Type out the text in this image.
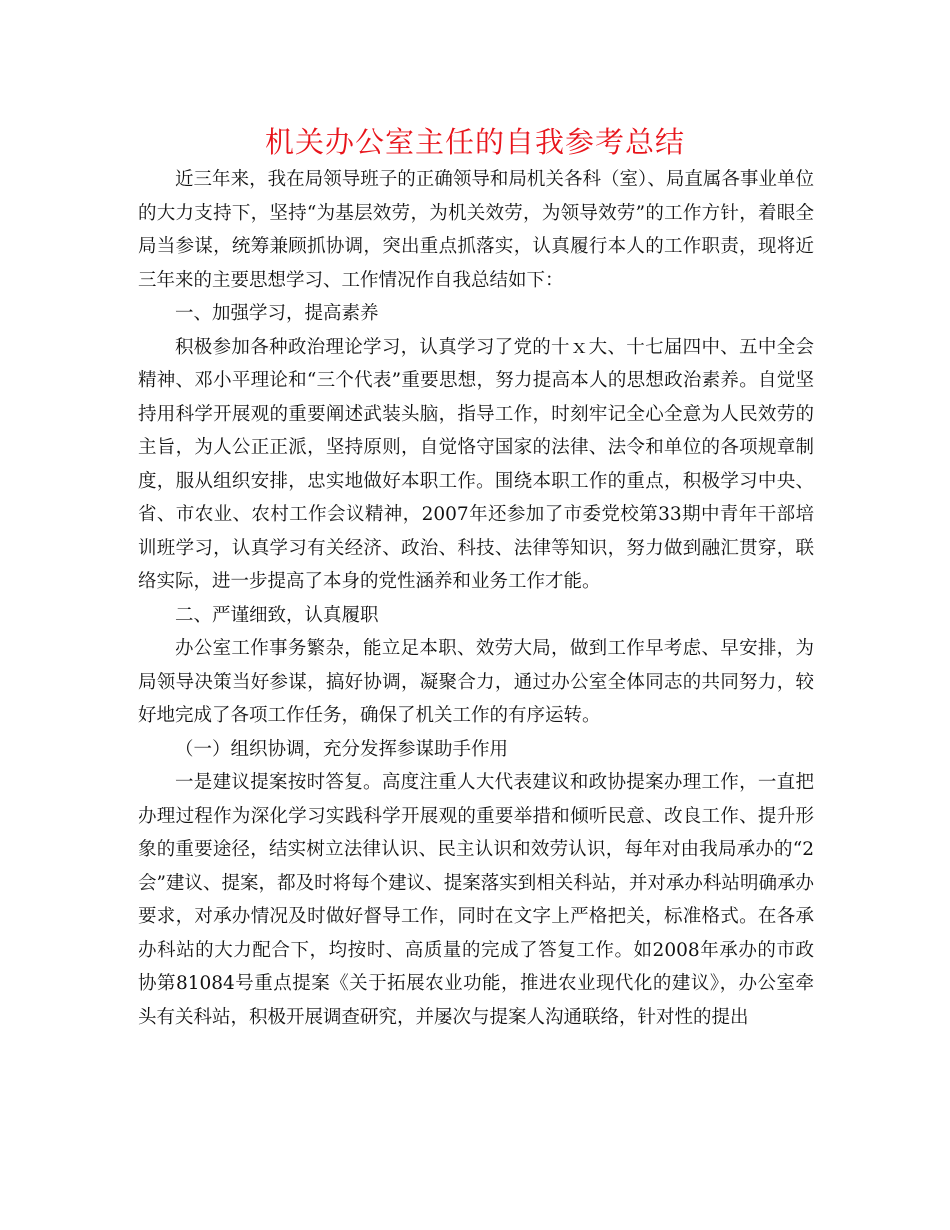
机关办公室主任的自我参考总结

近三年来，我在局领导班子的正确领导和局机关各科（室）、局直属各事业单位的大力支持下，坚持“为基层效劳，为机关效劳，为领导效劳”的工作方针，着眼全局当参谋，统筹兼顾抓协调，突出重点抓落实，认真履行本人的工作职责，现将近三年来的主要思想学习、工作情况作自我总结如下：

一、加强学习，提高素养

积极参加各种政治理论学习，认真学习了党的十ｘ大、十七届四中、五中全会精神、邓小平理论和“三个代表”重要思想，努力提高本人的思想政治素养。自觉坚持用科学开展观的重要阐述武装头脑，指导工作，时刻牢记全心全意为人民效劳的主旨，为人公正正派，坚持原则，自觉恪守国家的法律、法令和单位的各项规章制度，服从组织安排，忠实地做好本职工作。围绕本职工作的重点，积极学习中央、省、市农业、农村工作会议精神，2007年还参加了市委党校第33期中青年干部培训班学习，认真学习有关经济、政治、科技、法律等知识，努力做到融汇贯穿，联络实际，进一步提高了本身的党性涵养和业务工作才能。

二、严谨细致，认真履职

办公室工作事务繁杂，能立足本职、效劳大局，做到工作早考虑、早安排，为局领导决策当好参谋，搞好协调，凝聚合力，通过办公室全体同志的共同努力，较好地完成了各项工作任务，确保了机关工作的有序运转。

（一）组织协调，充分发挥参谋助手作用

一是建议提案按时答复。高度注重人大代表建议和政协提案办理工作，一直把办理过程作为深化学习实践科学开展观的重要举措和倾听民意、改良工作、提升形象的重要途径，结实树立法律认识、民主认识和效劳认识，每年对由我局承办的“2会”建议、提案，都及时将每个建议、提案落实到相关科站，并对承办科站明确承办要求，对承办情况及时做好督导工作，同时在文字上严格把关，标准格式。在各承办科站的大力配合下，均按时、高质量的完成了答复工作。如2008年承办的市政协第81084号重点提案《关于拓展农业功能，推进农业现代化的建议》，办公室牵头有关科站，积极开展调查研究，并屡次与提案人沟通联络，针对性的提出
